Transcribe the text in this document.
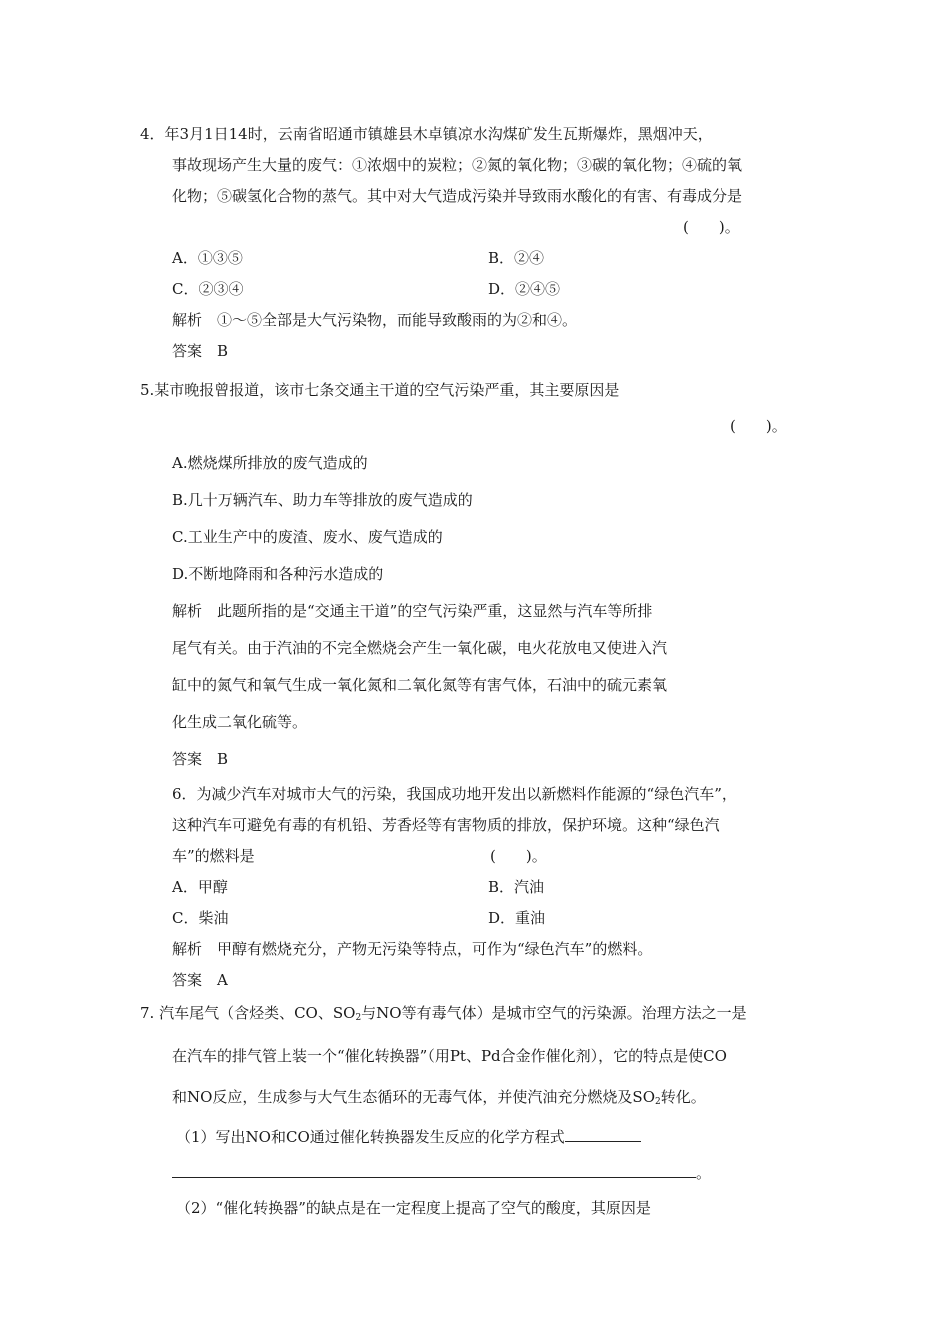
4．年3月1日14时，云南省昭通市镇雄县木卓镇凉水沟煤矿发生瓦斯爆炸，黑烟冲天，
事故现场产生大量的废气：①浓烟中的炭粒；②氮的氧化物；③碳的氧化物；④硫的氧
化物；⑤碳氢化合物的蒸气。其中对大气造成污染并导致雨水酸化的有害、有毒成分是
(　　)。
A．①③⑤	B．②④
C．②③④	D．②④⑤
解析　①～⑤全部是大气污染物，而能导致酸雨的为②和④。
答案　B
5.某市晚报曾报道，该市七条交通主干道的空气污染严重，其主要原因是
(　　)。
A.燃烧煤所排放的废气造成的
B.几十万辆汽车、助力车等排放的废气造成的
C.工业生产中的废渣、废水、废气造成的
D.不断地降雨和各种污水造成的
解析　此题所指的是“交通主干道”的空气污染严重，这显然与汽车等所排
尾气有关。由于汽油的不完全燃烧会产生一氧化碳，电火花放电又使进入汽
缸中的氮气和氧气生成一氧化氮和二氧化氮等有害气体，石油中的硫元素氧
化生成二氧化硫等。
答案　B
6．为减少汽车对城市大气的污染，我国成功地开发出以新燃料作能源的“绿色汽车”，
这种汽车可避免有毒的有机铅、芳香烃等有害物质的排放，保护环境。这种“绿色汽
车”的燃料是	(　　)。
A．甲醇	B．汽油
C．柴油	D．重油
解析　甲醇有燃烧充分，产物无污染等特点，可作为“绿色汽车”的燃料。
答案　A
7. 汽车尾气（含烃类、CO、$SO_2$与NO等有毒气体）是城市空气的污染源。治理方法之一是
在汽车的排气管上装一个“催化转换器”（用Pt、Pd合金作催化剂），它的特点是使CO
和NO反应，生成参与大气生态循环的无毒气体，并使汽油充分燃烧及$SO_2$转化。
（1）写出NO和CO通过催化转换器发生反应的化学方程式
。
（2）“催化转换器”的缺点是在一定程度上提高了空气的酸度，其原因是
